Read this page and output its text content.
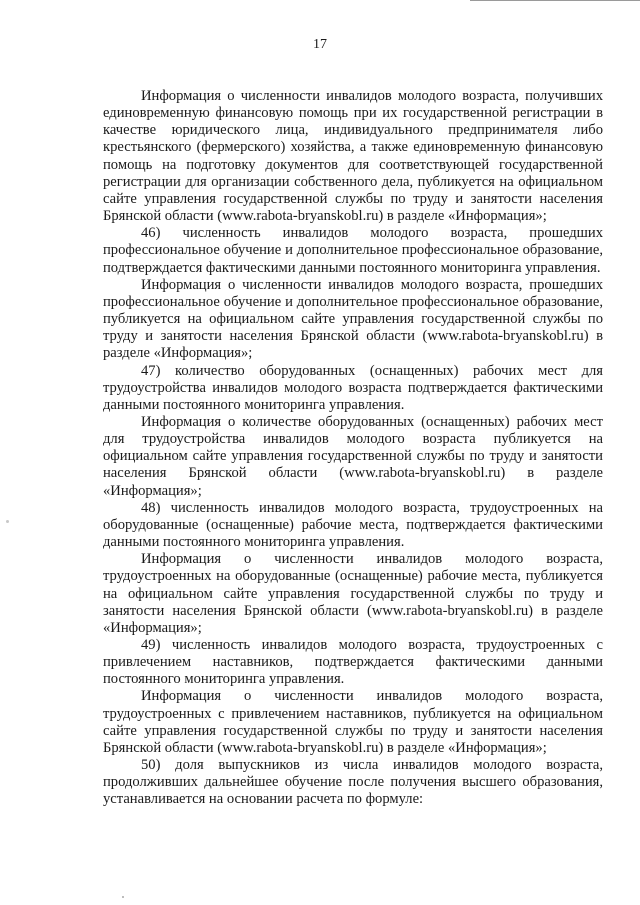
17

Информация о численности инвалидов молодого возраста, получивших единовременную финансовую помощь при их государственной регистрации в качестве юридического лица, индивидуального предпринимателя либо крестьянского (фермерского) хозяйства, а также единовременную финансовую помощь на подготовку документов для соответствующей государственной регистрации для организации собственного дела, публикуется на официальном сайте управления государственной службы по труду и занятости населения Брянской области (www.rabota-bryanskobl.ru) в разделе «Информация»;

46) численность инвалидов молодого возраста, прошедших профессиональное обучение и дополнительное профессиональное образование, подтверждается фактическими данными постоянного мониторинга управления.

Информация о численности инвалидов молодого возраста, прошедших профессиональное обучение и дополнительное профессиональное образование, публикуется на официальном сайте управления государственной службы по труду и занятости населения Брянской области (www.rabota-bryanskobl.ru) в разделе «Информация»;

47) количество оборудованных (оснащенных) рабочих мест для трудоустройства инвалидов молодого возраста подтверждается фактическими данными постоянного мониторинга управления.

Информация о количестве оборудованных (оснащенных) рабочих мест для трудоустройства инвалидов молодого возраста публикуется на официальном сайте управления государственной службы по труду и занятости населения Брянской области (www.rabota-bryanskobl.ru) в разделе «Информация»;

48) численность инвалидов молодого возраста, трудоустроенных на оборудованные (оснащенные) рабочие места, подтверждается фактическими данными постоянного мониторинга управления.

Информация о численности инвалидов молодого возраста, трудоустроенных на оборудованные (оснащенные) рабочие места, публикуется на официальном сайте управления государственной службы по труду и занятости населения Брянской области (www.rabota-bryanskobl.ru) в разделе «Информация»;

49) численность инвалидов молодого возраста, трудоустроенных с привлечением наставников, подтверждается фактическими данными постоянного мониторинга управления.

Информация о численности инвалидов молодого возраста, трудоустроенных с привлечением наставников, публикуется на официальном сайте управления государственной службы по труду и занятости населения Брянской области (www.rabota-bryanskobl.ru) в разделе «Информация»;

50) доля выпускников из числа инвалидов молодого возраста, продолживших дальнейшее обучение после получения высшего образования, устанавливается на основании расчета по формуле:
